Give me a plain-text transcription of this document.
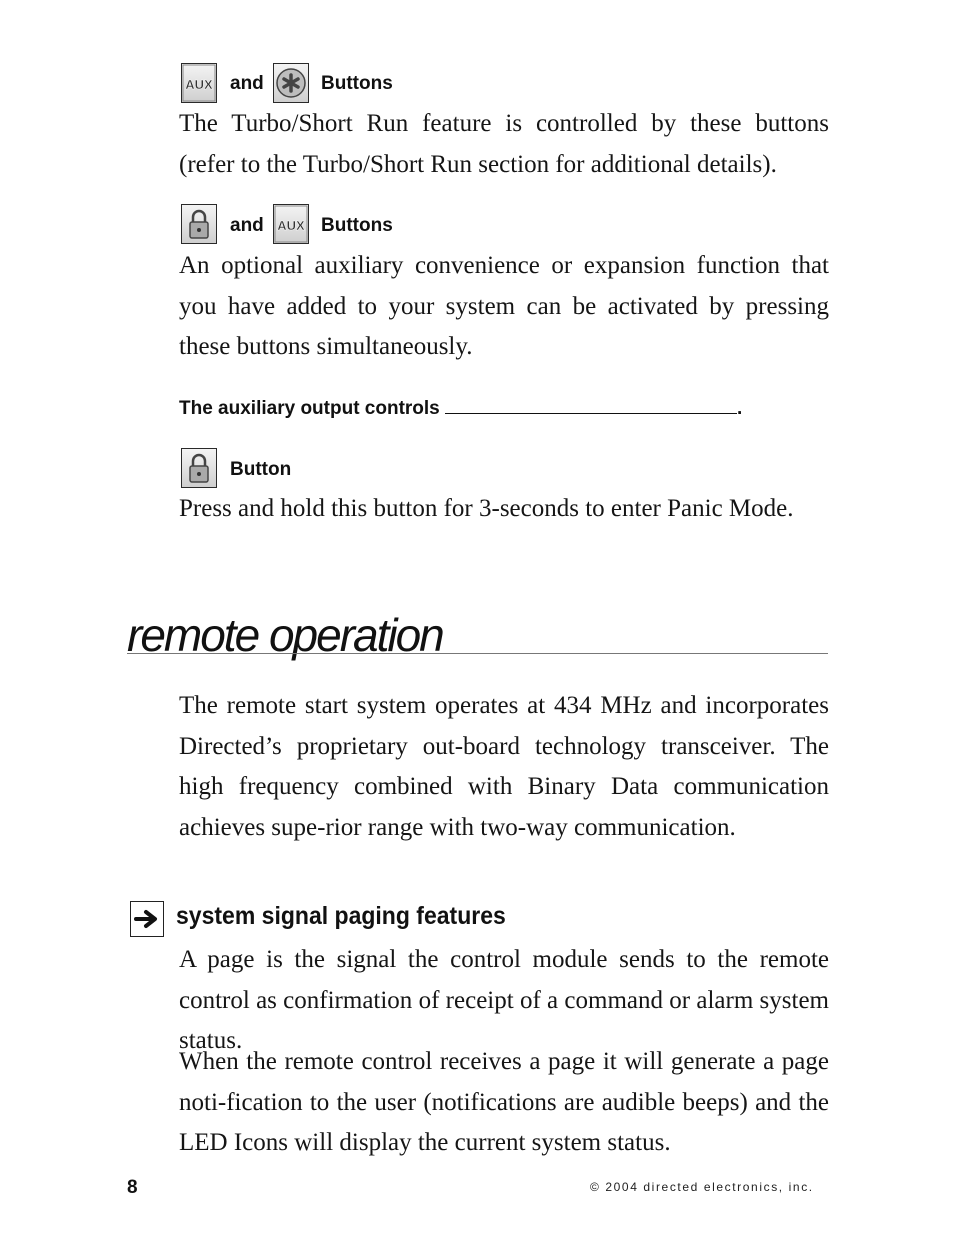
AUX and	Buttons
The Turbo/Short Run feature is controlled by these buttons (refer to the Turbo/Short Run section for additional details).
and AUX Buttons
An optional auxiliary convenience or expansion function that you have added to your system can be activated by pressing these buttons simultaneously.
The auxiliary output controls	.
Button
Press and hold this button for 3-seconds to enter Panic Mode.
remote operation
The remote start system operates at 434 MHz and incorporates Directed’s proprietary out-board technology transceiver. The high frequency combined with Binary Data communication achieves supe-rior range with two-way communication.
system signal paging features
A page is the signal the control module sends to the remote control as confirmation of receipt of a command or alarm system status.
When the remote control receives a page it will generate a page noti-fication to the user (notifications are audible beeps) and the LED Icons will display the current system status.
8	© 2004 directed electronics, inc.
